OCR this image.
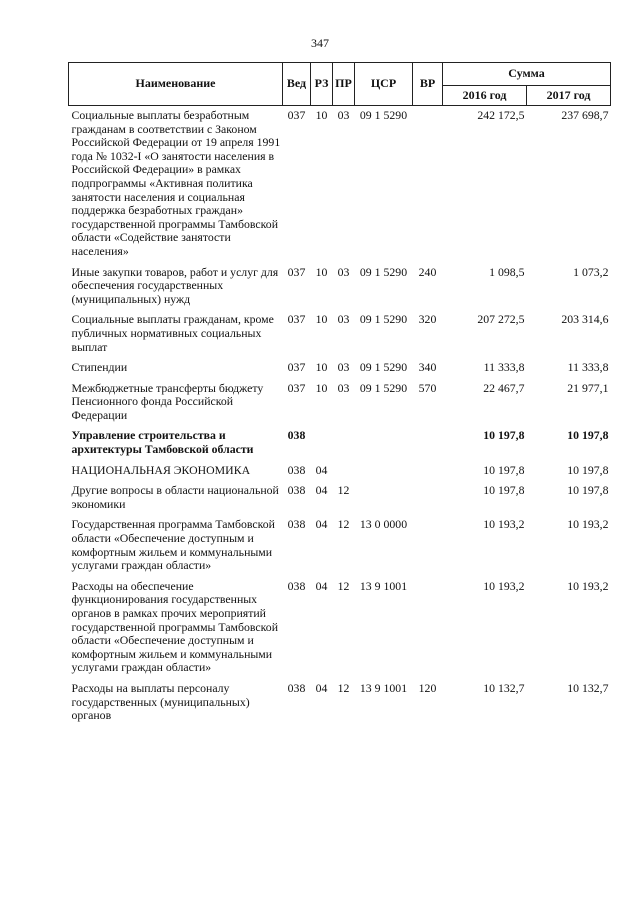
347
Наименование	Вед	РЗ	ПР	ЦСР	ВР	Сумма	
						2016 год	2017 год
Социальные выплаты безработным гражданам в соответствии с Законом Российской Федерации от 19 апреля 1991 года № 1032-I «О занятости населения в Российской Федерации» в рамках подпрограммы «Активная политика занятости населения и социальная поддержка безработных граждан» государственной программы Тамбовской области «Содействие занятости населения»	037	10	03	09 1 5290		242 172,5	237 698,7
Иные закупки товаров, работ и услуг для обеспечения государственных (муниципальных) нужд	037	10	03	09 1 5290	240	1 098,5	1 073,2
Социальные выплаты гражданам, кроме публичных нормативных социальных выплат	037	10	03	09 1 5290	320	207 272,5	203 314,6
Стипендии	037	10	03	09 1 5290	340	11 333,8	11 333,8
Межбюджетные трансферты бюджету Пенсионного фонда Российской Федерации	037	10	03	09 1 5290	570	22 467,7	21 977,1
Управление строительства и архитектуры Тамбовской области	038					10 197,8	10 197,8
НАЦИОНАЛЬНАЯ ЭКОНОМИКА	038	04				10 197,8	10 197,8
Другие вопросы в области национальной экономики	038	04	12			10 197,8	10 197,8
Государственная программа Тамбовской области «Обеспечение доступным и комфортным жильем и коммунальными услугами граждан области»	038	04	12	13 0 0000		10 193,2	10 193,2
Расходы на обеспечение функционирования государственных органов в рамках прочих мероприятий государственной программы Тамбовской области «Обеспечение доступным и комфортным жильем и коммунальными услугами граждан области»	038	04	12	13 9 1001		10 193,2	10 193,2
Расходы на выплаты персоналу государственных (муниципальных) органов	038	04	12	13 9 1001	120	10 132,7	10 132,7
